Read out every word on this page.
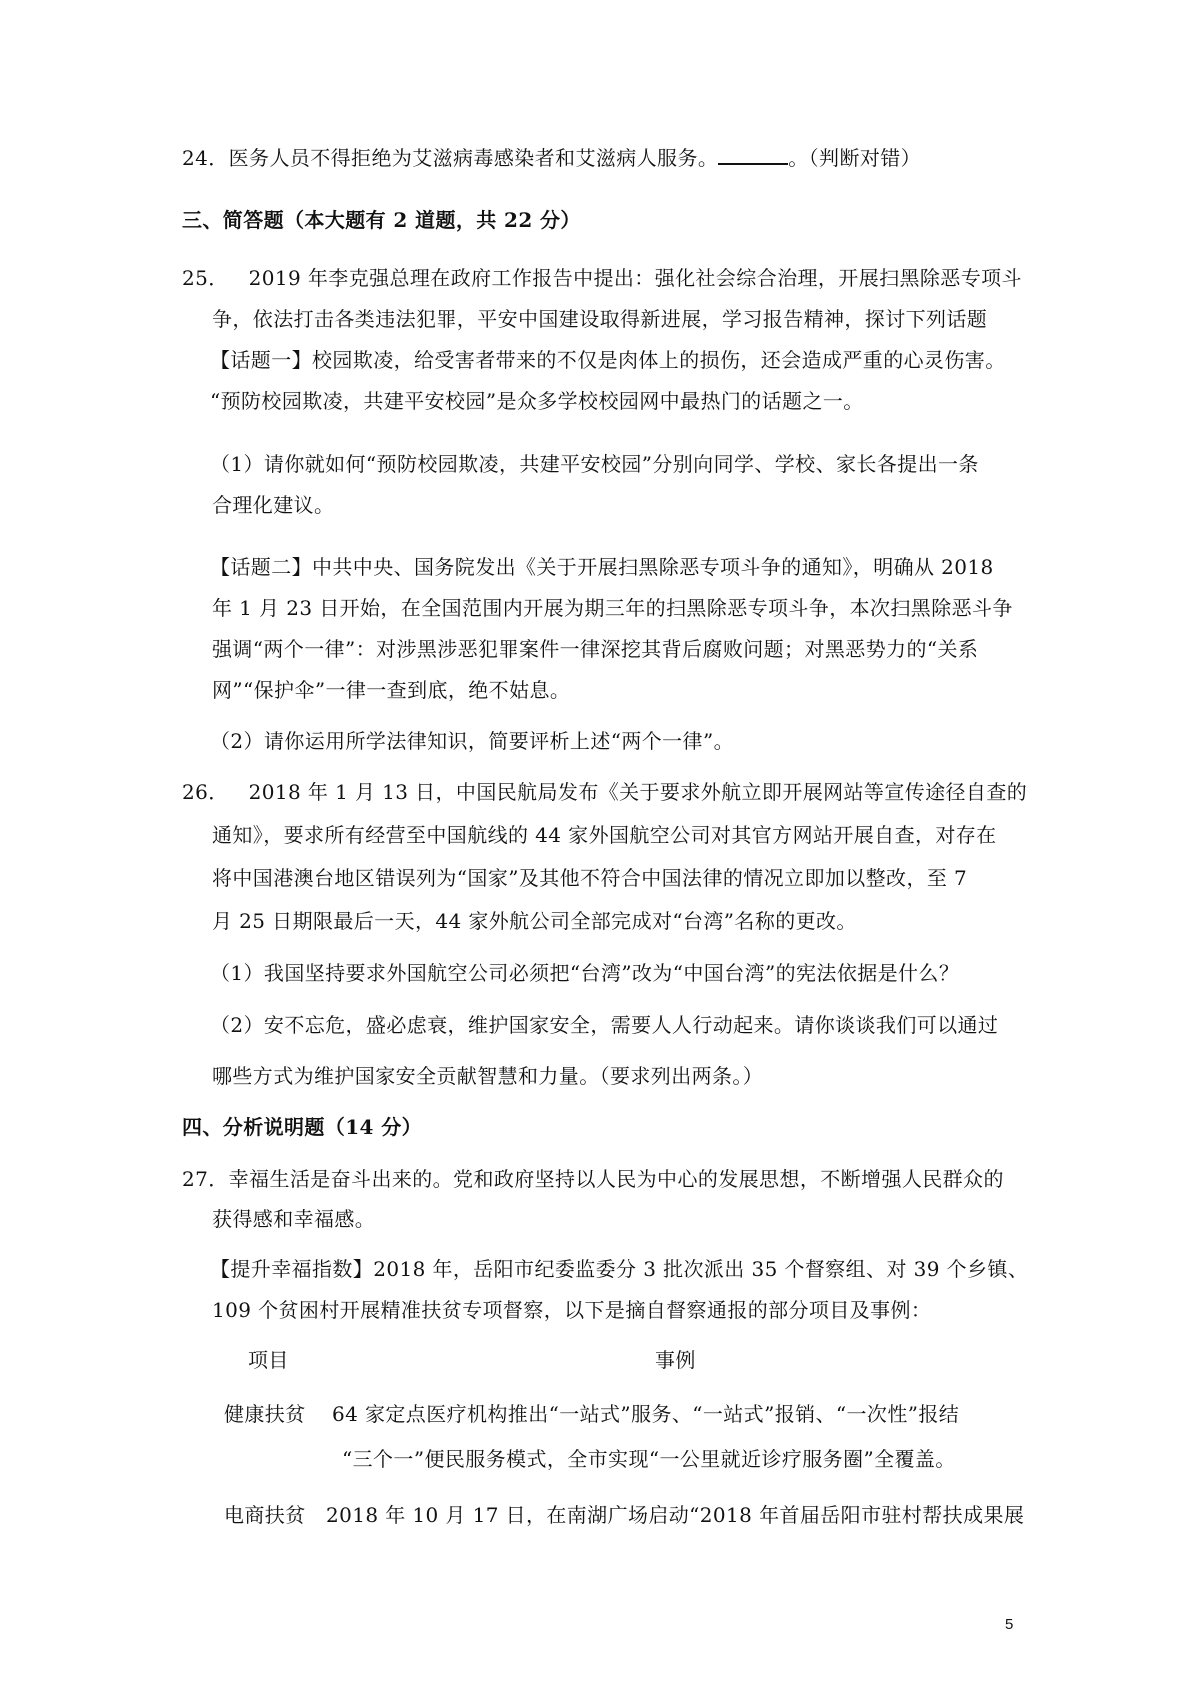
24．医务人员不得拒绝为艾滋病毒感染者和艾滋病人服务。	。（判断对错）

三、简答题（本大题有 2 道题，共 22 分）

25． 2019 年李克强总理在政府工作报告中提出：强化社会综合治理，开展扫黑除恶专项斗

争，依法打击各类违法犯罪，平安中国建设取得新进展，学习报告精神，探讨下列话题

【话题一】校园欺凌，给受害者带来的不仅是肉体上的损伤，还会造成严重的心灵伤害。

“预防校园欺凌，共建平安校园”是众多学校校园网中最热门的话题之一。

（1）请你就如何“预防校园欺凌，共建平安校园”分别向同学、学校、家长各提出一条

合理化建议。

【话题二】中共中央、国务院发出《关于开展扫黑除恶专项斗争的通知》，明确从 2018

年 1 月 23 日开始，在全国范围内开展为期三年的扫黑除恶专项斗争，本次扫黑除恶斗争

强调“两个一律”：对涉黑涉恶犯罪案件一律深挖其背后腐败问题；对黑恶势力的“关系

网”“保护伞”一律一查到底，绝不姑息。

（2）请你运用所学法律知识，简要评析上述“两个一律”。

26． 2018 年 1 月 13 日，中国民航局发布《关于要求外航立即开展网站等宣传途径自查的

通知》，要求所有经营至中国航线的 44 家外国航空公司对其官方网站开展自查，对存在

将中国港澳台地区错误列为“国家”及其他不符合中国法律的情况立即加以整改，至 7

月 25 日期限最后一天，44 家外航公司全部完成对“台湾”名称的更改。

（1）我国坚持要求外国航空公司必须把“台湾”改为“中国台湾”的宪法依据是什么？

（2）安不忘危，盛必虑衰，维护国家安全，需要人人行动起来。请你谈谈我们可以通过

哪些方式为维护国家安全贡献智慧和力量。（要求列出两条。）

四、分析说明题（14 分）

27．幸福生活是奋斗出来的。党和政府坚持以人民为中心的发展思想，不断增强人民群众的

获得感和幸福感。

【提升幸福指数】2018 年，岳阳市纪委监委分 3 批次派出 35 个督察组、对 39 个乡镇、

109 个贫困村开展精准扶贫专项督察，以下是摘自督察通报的部分项目及事例：

项目	事例

健康扶贫 64 家定点医疗机构推出“一站式”服务、“一站式”报销、“一次性”报结

“三个一”便民服务模式，全市实现“一公里就近诊疗服务圈”全覆盖。

电商扶贫 2018 年 10 月 17 日，在南湖广场启动“2018 年首届岳阳市驻村帮扶成果展

5
